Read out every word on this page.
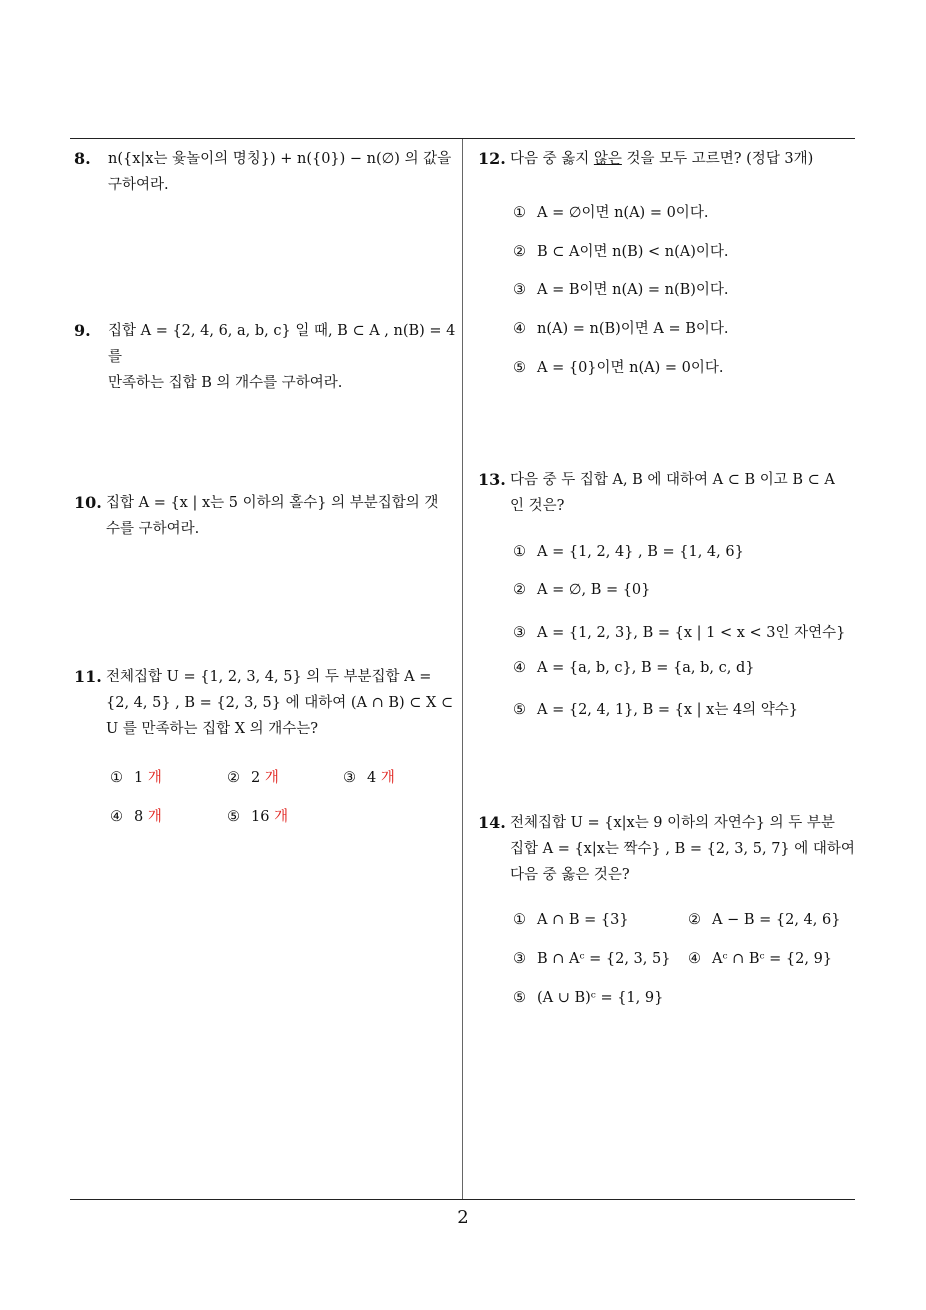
8. n({x|x는 윷놀이의 명칭}) + n({0}) − n(∅) 의 값을
구하여라.
9. 집합 A = {2, 4, 6, a, b, c} 일 때, B ⊂ A , n(B) = 4 를
만족하는 집합 B 의 개수를 구하여라.
10. 집합 A = {x | x는 5 이하의 홀수} 의 부분집합의 갯
수를 구하여라.
11. 전체집합 U = {1, 2, 3, 4, 5} 의 두 부분집합 A =
{2, 4, 5} , B = {2, 3, 5} 에 대하여 (A ∩ B) ⊂ X ⊂
U 를 만족하는 집합 X 의 개수는?
① 1 개	② 2 개	③ 4 개
④ 8 개	⑤ 16 개
12. 다음 중 옳지 않은 것을 모두 고르면? (정답 3개)
① A = ∅이면 n(A) = 0이다.
② B ⊂ A이면 n(B) < n(A)이다.
③ A = B이면 n(A) = n(B)이다.
④ n(A) = n(B)이면 A = B이다.
⑤ A = {0}이면 n(A) = 0이다.
13. 다음 중 두 집합 A, B 에 대하여 A ⊂ B 이고 B ⊂ A
인 것은?
① A = {1, 2, 4} , B = {1, 4, 6}
② A = ∅, B = {0}
③ A = {1, 2, 3}, B = {x | 1 < x < 3인 자연수}
④ A = {a, b, c}, B = {a, b, c, d}
⑤ A = {2, 4, 1}, B = {x | x는 4의 약수}
14. 전체집합 U = {x|x는 9 이하의 자연수} 의 두 부분
집합 A = {x|x는 짝수} , B = {2, 3, 5, 7} 에 대하여
다음 중 옳은 것은?
① A ∩ B = {3}	② A − B = {2, 4, 6}
③ B ∩ Aᶜ = {2, 3, 5} ④ Aᶜ ∩ Bᶜ = {2, 9}
⑤ (A ∪ B)ᶜ = {1, 9}
2
